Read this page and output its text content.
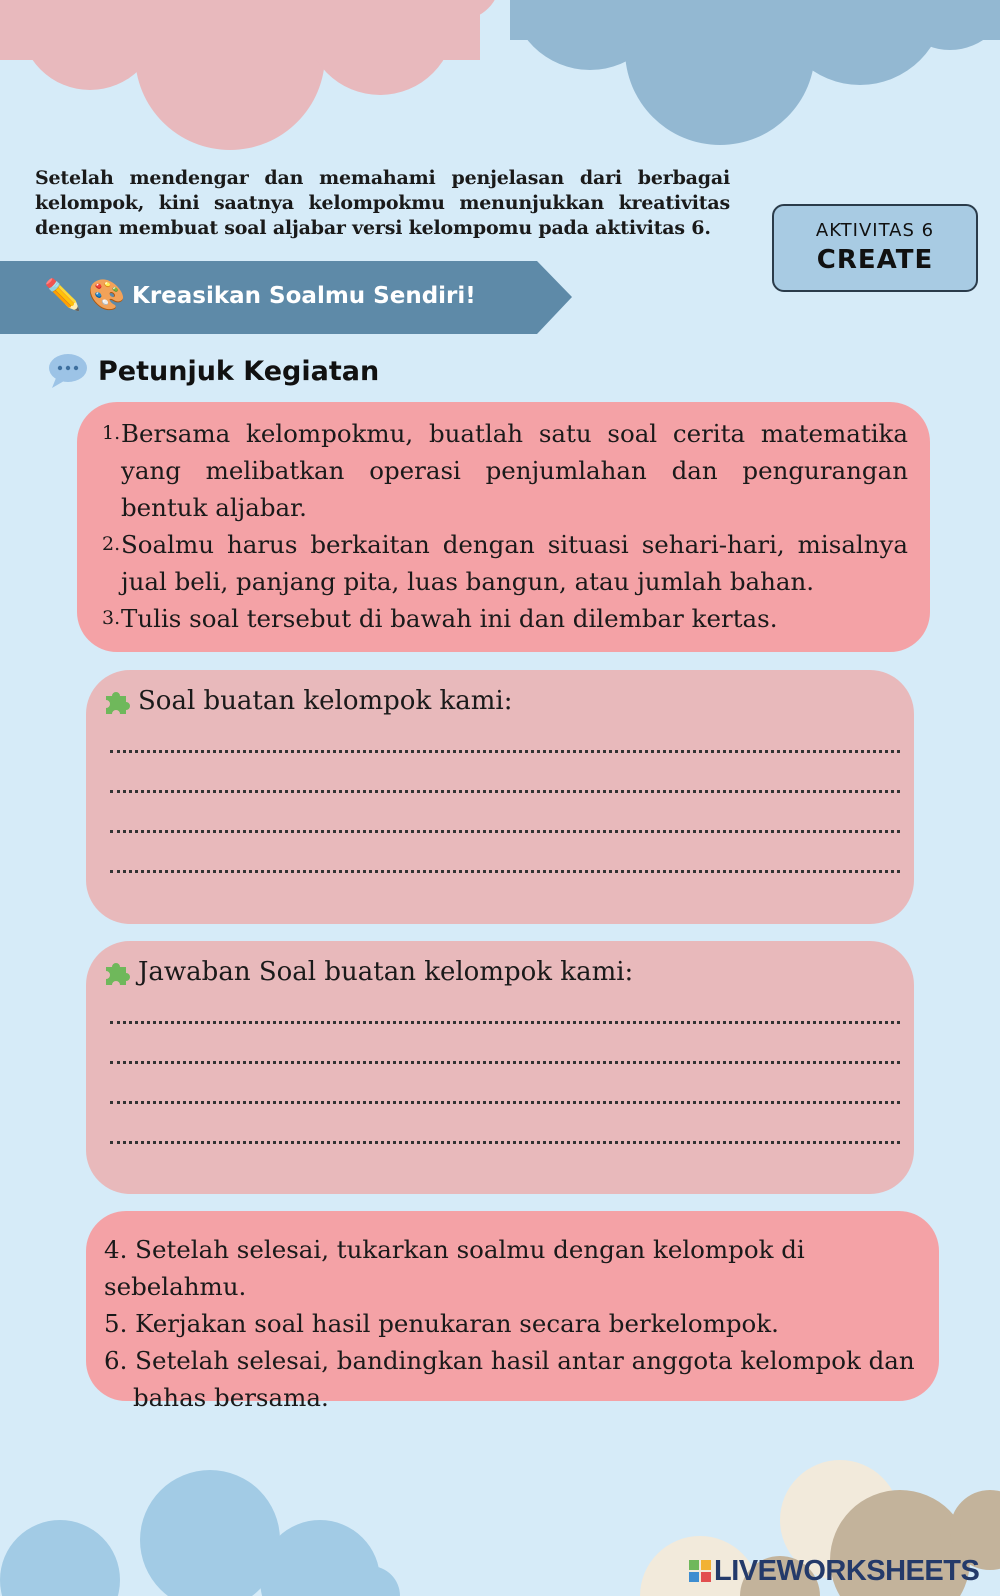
Setelah mendengar dan memahami penjelasan dari berbagai kelompok, kini saatnya kelompokmu menunjukkan kreativitas dengan membuat soal aljabar versi kelompomu pada aktivitas 6.	AKTIVITAS 6
CREATE
✏️ 🎨 Kreasikan Soalmu Sendiri!
Petunjuk Kegiatan
1. Bersama kelompokmu, buatlah satu soal cerita matematika yang melibatkan operasi penjumlahan dan pengurangan bentuk aljabar.
2. Soalmu harus berkaitan dengan situasi sehari-hari, misalnya jual beli, panjang pita, luas bangun, atau jumlah bahan.
3. Tulis soal tersebut di bawah ini dan dilembar kertas.
Soal buatan kelompok kami:
Jawaban Soal buatan kelompok kami:
4. Setelah selesai, tukarkan soalmu dengan kelompok di sebelahmu.
5. Kerjakan soal hasil penukaran secara berkelompok.
6. Setelah selesai, bandingkan hasil antar anggota kelompok dan
bahas bersama.
LIVEWORKSHEETS
